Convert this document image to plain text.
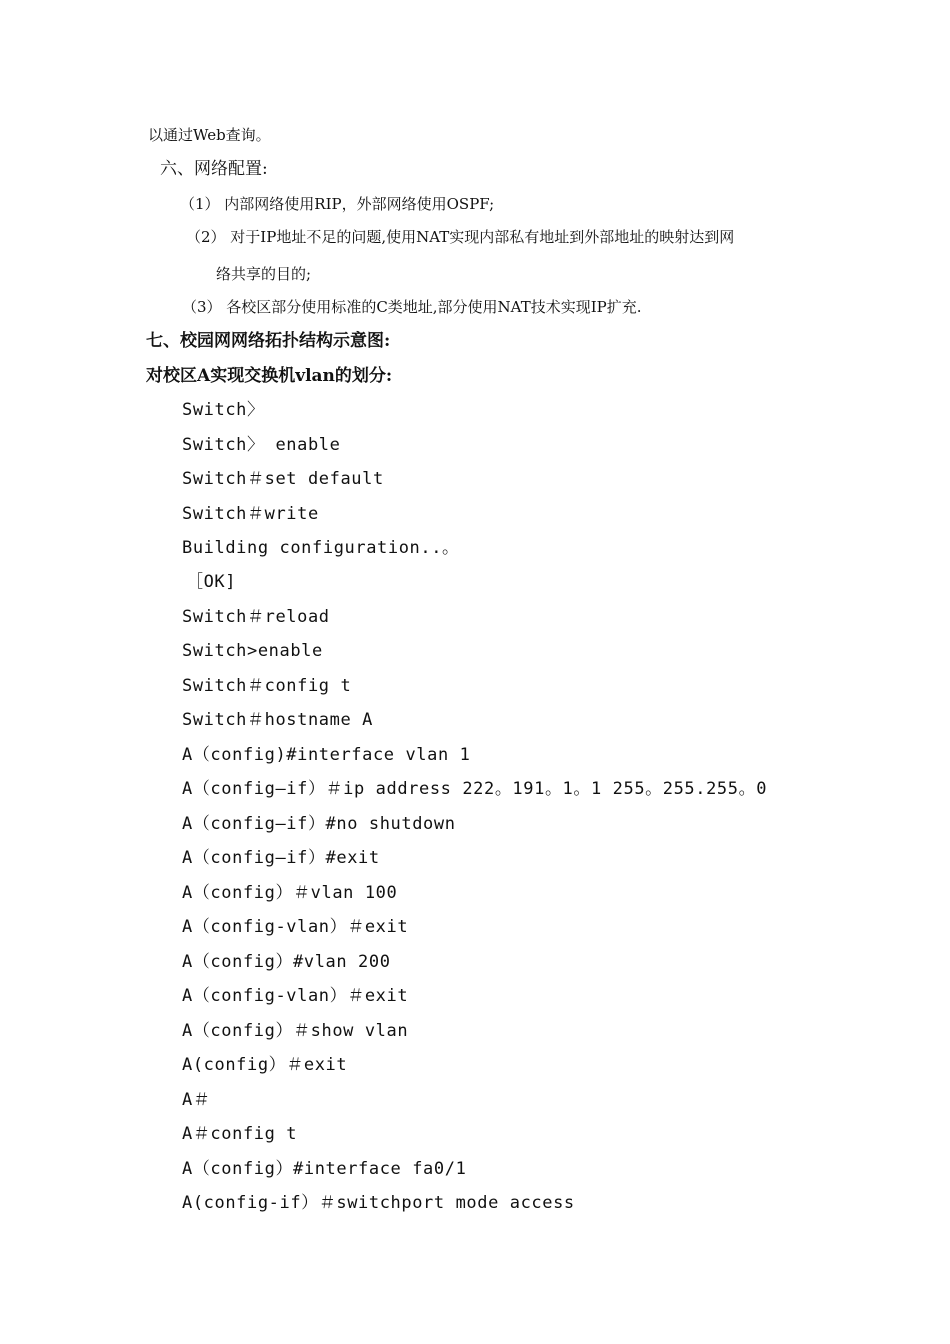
以通过Web查询。
六、网络配置:
（1） 内部网络使用RIP，外部网络使用OSPF;
（2） 对于IP地址不足的问题,使用NAT实现内部私有地址到外部地址的映射达到网
络共享的目的;
（3） 各校区部分使用标准的C类地址,部分使用NAT技术实现IP扩充.
七、校园网网络拓扑结构示意图:
对校区A实现交换机vlan的划分:
Switch〉
Switch〉 enable
Switch＃set default
Switch＃write
Building configuration..。
［OK]
Switch＃reload
Switch>enable
Switch＃config t
Switch＃hostname A
A（config)#interface vlan 1
A（config—if）＃ip address 222。191。1。1 255。255.255。0
A（config—if）#no shutdown
A（config—if）#exit
A（config）＃vlan 100
A（config-vlan）＃exit
A（config）#vlan 200
A（config-vlan）＃exit
A（config）＃show vlan
A(config）＃exit
A＃
A＃config t
A（config）#interface fa0/1
A(config-if）＃switchport mode access
